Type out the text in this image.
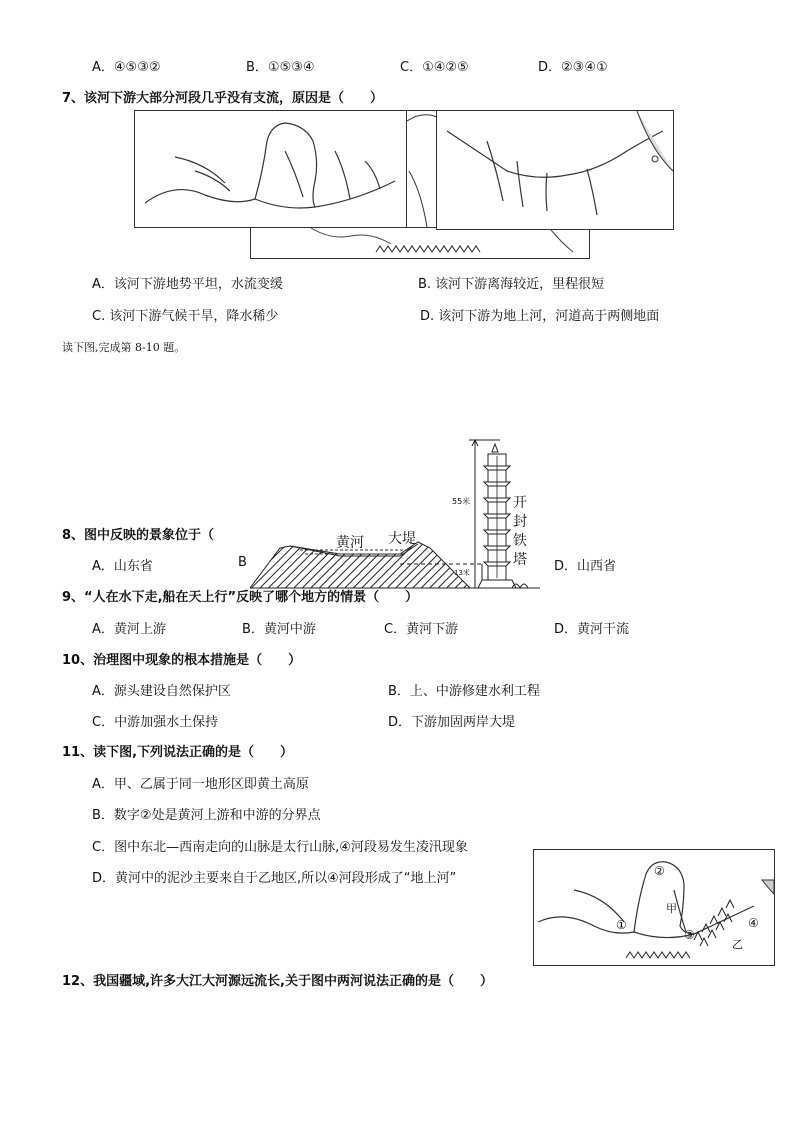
A．④⑤③②	B．①⑤③④	C．①④②⑤	D．②③④①
7、该河下游大部分河段几乎没有支流，原因是（　　）
A．该河下游地势平坦，水流变缓	B. 该河下游离海较近，里程很短
C. 该河下游气候干旱，降水稀少	D. 该河下游为地上河，河道高于两侧地面
读下图,完成第 8-10 题。
黄河 大堤
55米
13米
开封铁塔
8、图中反映的景象位于（
A．山东省	B	D．山西省
9、“人在水下走,船在天上行”反映了哪个地方的情景（　　）
A．黄河上游	B．黄河中游	C．黄河下游	D．黄河干流
10、治理图中现象的根本措施是（　　）
A．源头建设自然保护区	B．上、中游修建水利工程
C．中游加强水土保持	D．下游加固两岸大堤
11、读下图,下列说法正确的是（　　）
A．甲、乙属于同一地形区即黄土高原
B．数字②处是黄河上游和中游的分界点
C．图中东北—西南走向的山脉是太行山脉,④河段易发生凌汛现象
D．黄河中的泥沙主要来自于乙地区,所以④河段形成了“地上河”
①
②
③
④
甲
乙
12、我国疆域,许多大江大河源远流长,关于图中两河说法正确的是（　　）
